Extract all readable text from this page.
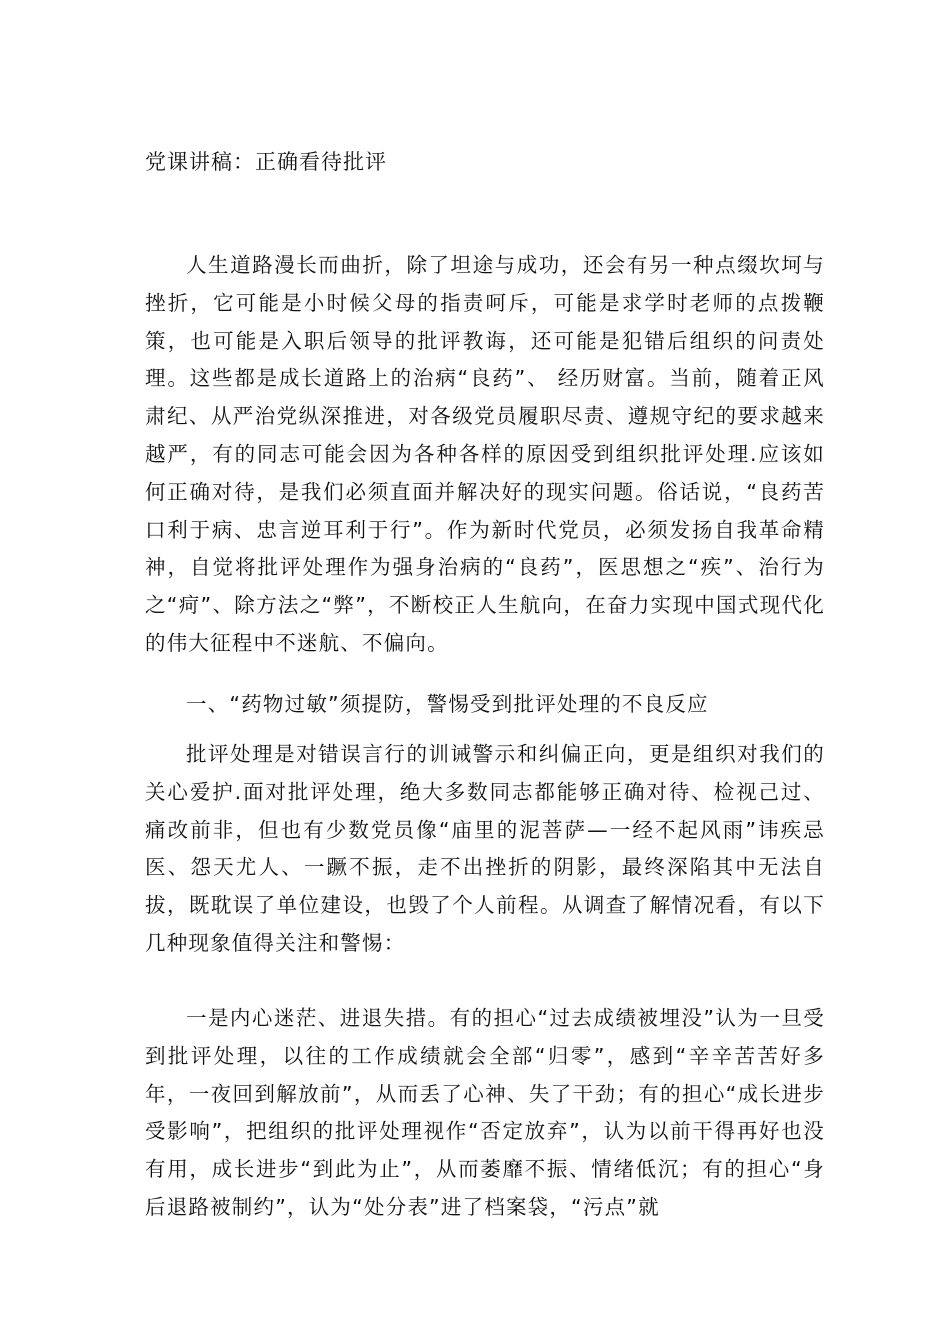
党课讲稿：正确看待批评

人生道路漫长而曲折，除了坦途与成功，还会有另一种点缀坎坷与挫折，它可能是小时候父母的指责呵斥，可能是求学时老师的点拨鞭策，也可能是入职后领导的批评教诲，还可能是犯错后组织的问责处理。这些都是成长道路上的治病“良药”、 经历财富。当前，随着正风肃纪、从严治党纵深推进，对各级党员履职尽责、遵规守纪的要求越来越严，有的同志可能会因为各种各样的原因受到组织批评处理.应该如何正确对待，是我们必须直面并解决好的现实问题。俗话说，“良药苦口利于病、忠言逆耳利于行”。作为新时代党员，必须发扬自我革命精神，自觉将批评处理作为强身治病的“良药”，医思想之“疾”、治行为之“疴”、除方法之“弊”，不断校正人生航向，在奋力实现中国式现代化的伟大征程中不迷航、不偏向。

一、“药物过敏”须提防，警惕受到批评处理的不良反应

批评处理是对错误言行的训诫警示和纠偏正向，更是组织对我们的关心爱护.面对批评处理，绝大多数同志都能够正确对待、检视己过、痛改前非，但也有少数党员像“庙里的泥菩萨—一经不起风雨”讳疾忌医、怨天尤人、一蹶不振，走不出挫折的阴影，最终深陷其中无法自拔，既耽误了单位建设，也毁了个人前程。从调查了解情况看，有以下几种现象值得关注和警惕：

一是内心迷茫、进退失措。有的担心“过去成绩被埋没”认为一旦受到批评处理，以往的工作成绩就会全部“归零”，感到“辛辛苦苦好多年，一夜回到解放前”，从而丢了心神、失了干劲；有的担心“成长进步受影响”，把组织的批评处理视作“否定放弃”，认为以前干得再好也没有用，成长进步“到此为止”，从而萎靡不振、情绪低沉；有的担心“身后退路被制约”，认为“处分表”进了档案袋，“污点”就
